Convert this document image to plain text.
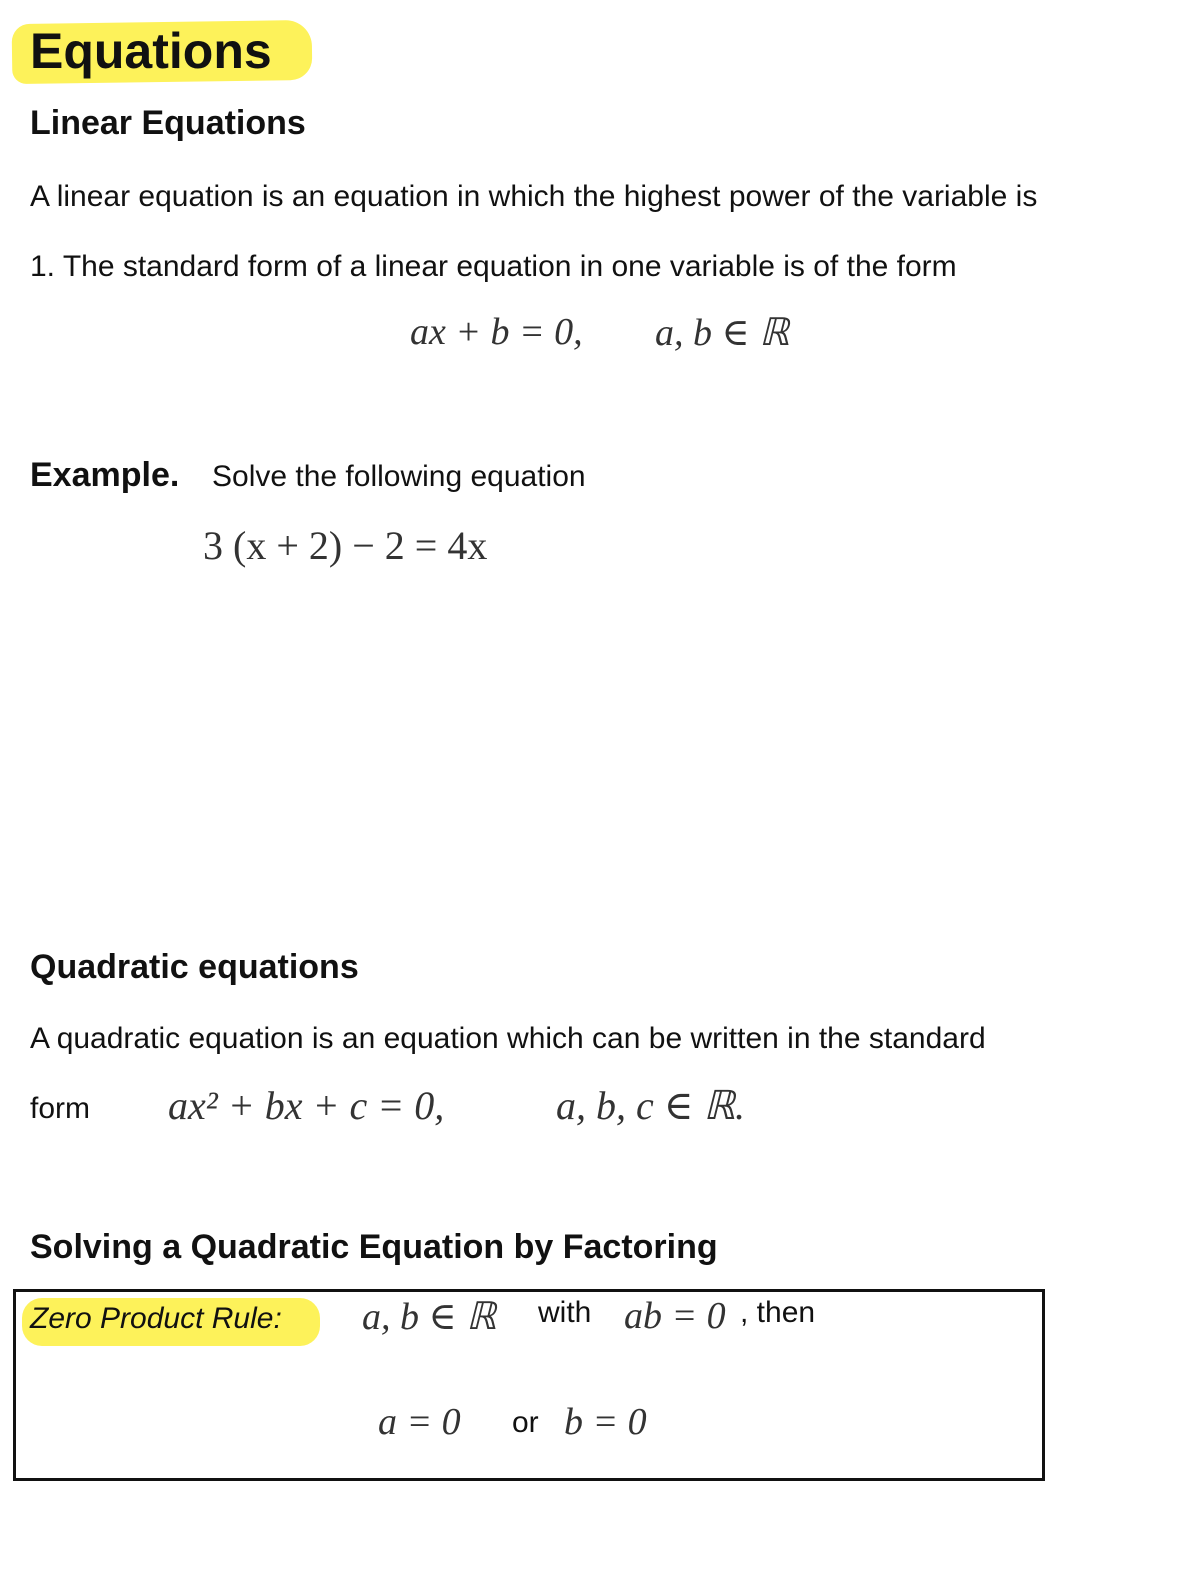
Equations
Linear Equations
A linear equation is an equation in which the highest power of the variable is
1. The standard form of a linear equation in one variable is of the form
ax + b = 0, a, b ∈ ℝ
Example. Solve the following equation
3 (x + 2) − 2 = 4x
Quadratic equations
A quadratic equation is an equation which can be written in the standard
form ax² + bx + c = 0,	a, b, c ∈ ℝ.
Solving a Quadratic Equation by Factoring
Zero Product Rule: a, b ∈ ℝ with ab = 0 , then
a = 0 or b = 0
